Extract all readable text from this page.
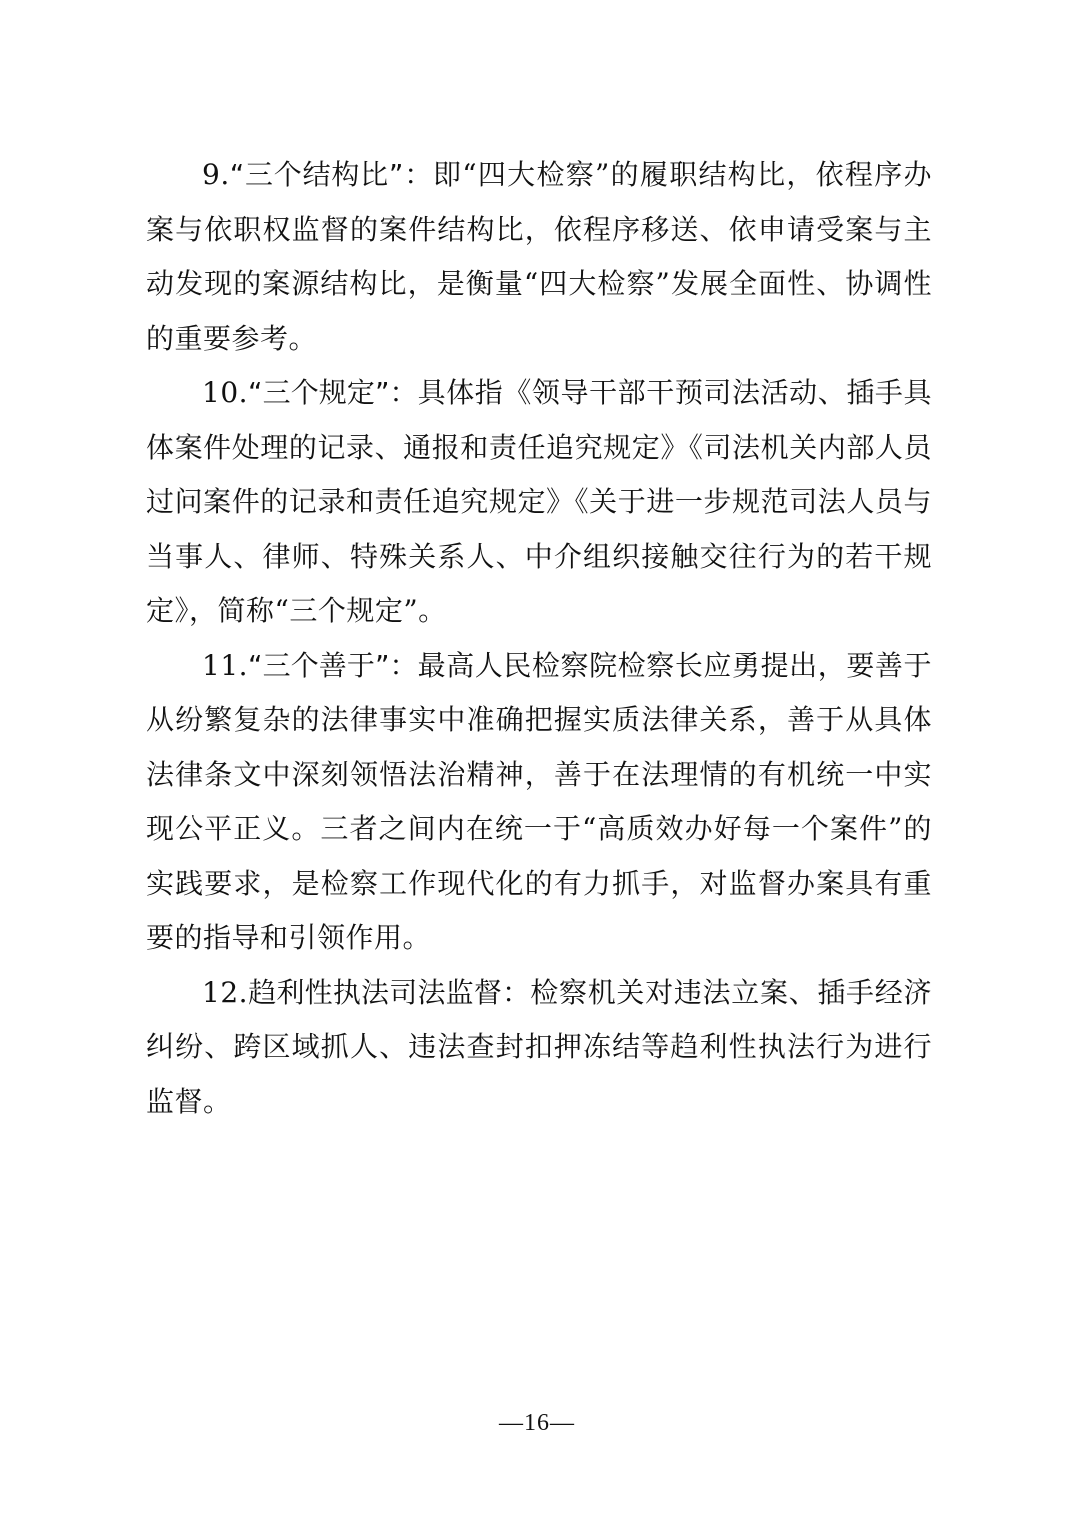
9.“三个结构比”：即“四大检察”的履职结构比，依程序办案与依职权监督的案件结构比，依程序移送、依申请受案与主动发现的案源结构比，是衡量“四大检察”发展全面性、协调性的重要参考。

10.“三个规定”：具体指《领导干部干预司法活动、插手具体案件处理的记录、通报和责任追究规定》《司法机关内部人员过问案件的记录和责任追究规定》《关于进一步规范司法人员与当事人、律师、特殊关系人、中介组织接触交往行为的若干规定》，简称“三个规定”。

11.“三个善于”：最高人民检察院检察长应勇提出，要善于从纷繁复杂的法律事实中准确把握实质法律关系，善于从具体法律条文中深刻领悟法治精神，善于在法理情的有机统一中实现公平正义。三者之间内在统一于“高质效办好每一个案件”的实践要求，是检察工作现代化的有力抓手，对监督办案具有重要的指导和引领作用。

12.趋利性执法司法监督：检察机关对违法立案、插手经济纠纷、跨区域抓人、违法查封扣押冻结等趋利性执法行为进行监督。

—16—
